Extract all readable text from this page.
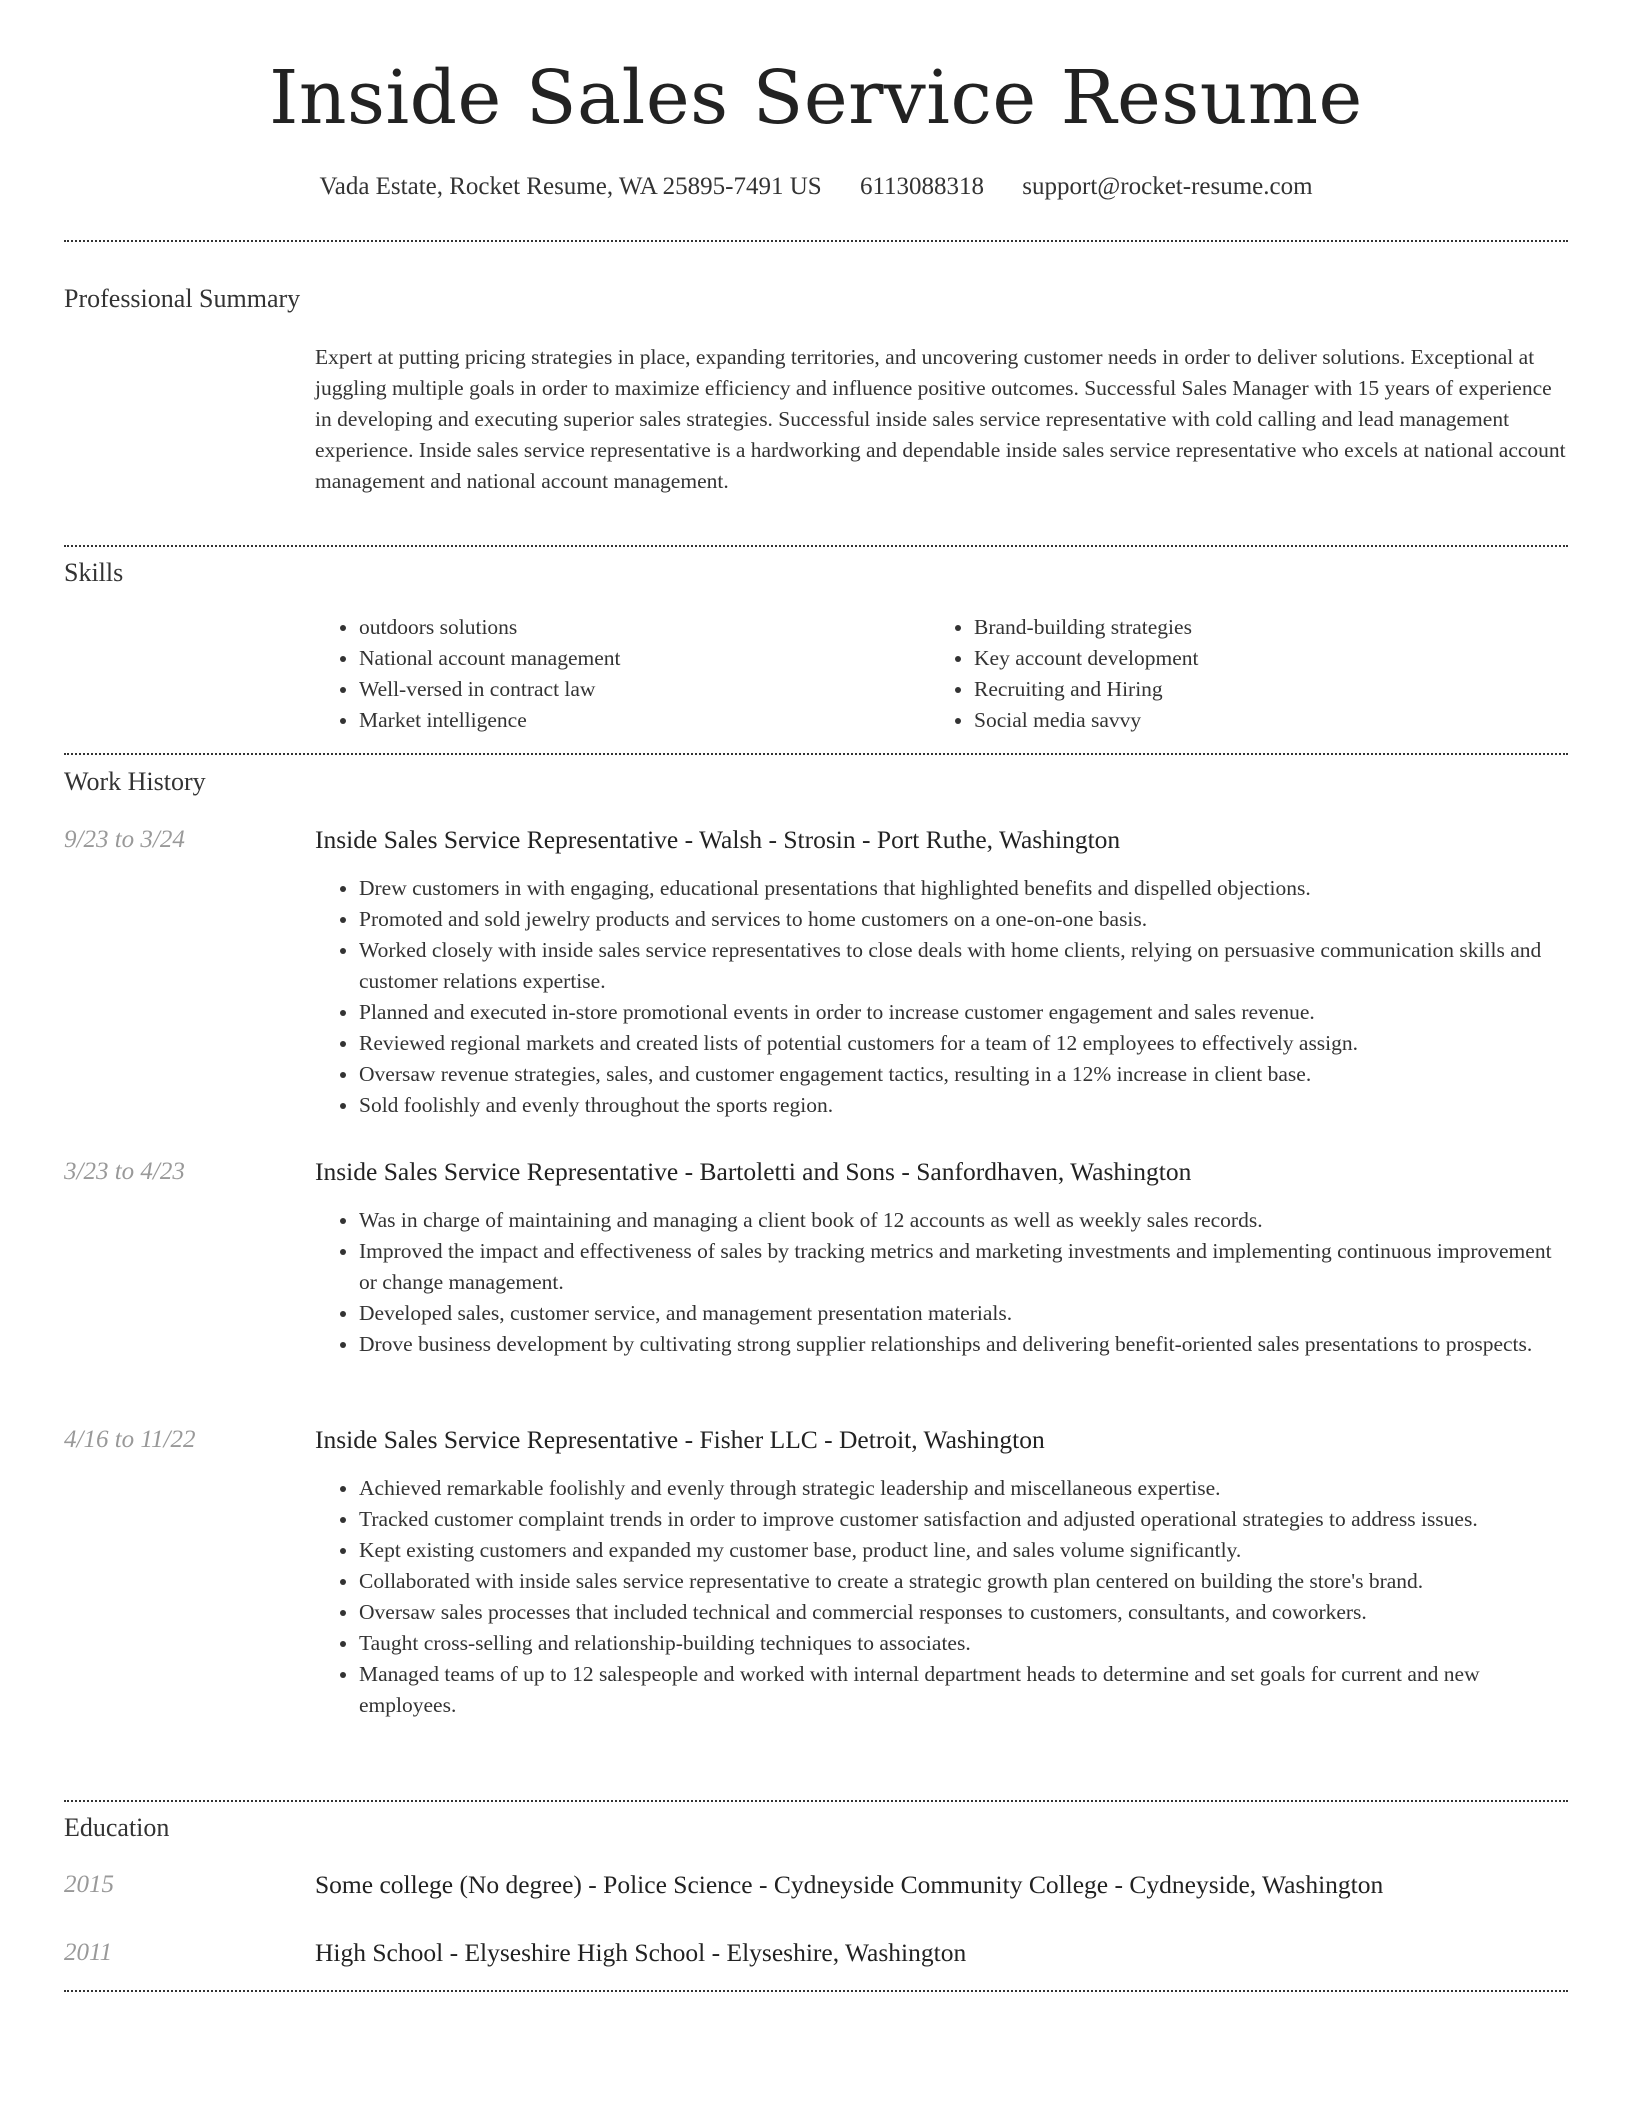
Inside Sales Service Resume
Vada Estate, Rocket Resume, WA 25895-7491 US 6113088318 support@rocket-resume.com
Professional Summary
Expert at putting pricing strategies in place, expanding territories, and uncovering customer needs in order to deliver solutions. Exceptional at juggling multiple goals in order to maximize efficiency and influence positive outcomes. Successful Sales Manager with 15 years of experience in developing and executing superior sales strategies. Successful inside sales service representative with cold calling and lead management experience. Inside sales service representative is a hardworking and dependable inside sales service representative who excels at national account management and national account management.
Skills
• outdoors solutions
• National account management
• Well-versed in contract law
• Market intelligence
• Brand-building strategies
• Key account development
• Recruiting and Hiring
• Social media savvy
Work History
9/23 to 3/24	Inside Sales Service Representative - Walsh - Strosin - Port Ruthe, Washington
• Drew customers in with engaging, educational presentations that highlighted benefits and dispelled objections.
• Promoted and sold jewelry products and services to home customers on a one-on-one basis.
• Worked closely with inside sales service representatives to close deals with home clients, relying on persuasive communication skills and customer relations expertise.
• Planned and executed in-store promotional events in order to increase customer engagement and sales revenue.
• Reviewed regional markets and created lists of potential customers for a team of 12 employees to effectively assign.
• Oversaw revenue strategies, sales, and customer engagement tactics, resulting in a 12% increase in client base.
• Sold foolishly and evenly throughout the sports region.
3/23 to 4/23	Inside Sales Service Representative - Bartoletti and Sons - Sanfordhaven, Washington
• Was in charge of maintaining and managing a client book of 12 accounts as well as weekly sales records.
• Improved the impact and effectiveness of sales by tracking metrics and marketing investments and implementing continuous improvement or change management.
• Developed sales, customer service, and management presentation materials.
• Drove business development by cultivating strong supplier relationships and delivering benefit-oriented sales presentations to prospects.
4/16 to 11/22	Inside Sales Service Representative - Fisher LLC - Detroit, Washington
• Achieved remarkable foolishly and evenly through strategic leadership and miscellaneous expertise.
• Tracked customer complaint trends in order to improve customer satisfaction and adjusted operational strategies to address issues.
• Kept existing customers and expanded my customer base, product line, and sales volume significantly.
• Collaborated with inside sales service representative to create a strategic growth plan centered on building the store's brand.
• Oversaw sales processes that included technical and commercial responses to customers, consultants, and coworkers.
• Taught cross-selling and relationship-building techniques to associates.
• Managed teams of up to 12 salespeople and worked with internal department heads to determine and set goals for current and new employees.
Education
2015	Some college (No degree) - Police Science - Cydneyside Community College - Cydneyside, Washington
2011	High School - Elyseshire High School - Elyseshire, Washington
